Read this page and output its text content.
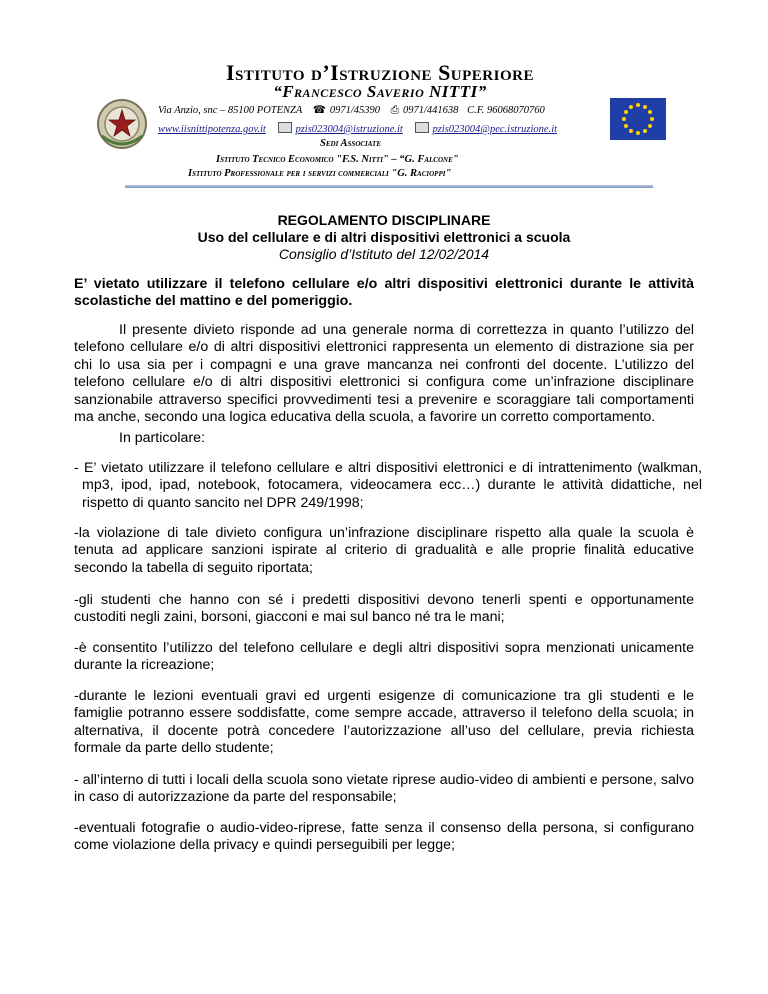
Istituto d’Istruzione Superiore
“Francesco Saverio NITTI”
Via Anzio, snc – 85100 POTENZA ☎ 0971/45390 ⎙ 0971/441638 C.F. 96068070760
www.iisnittipotenza.gov.it	pzis023004@istruzione.it	pzis023004@pec.istruzione.it
Sedi Associate
Istituto Tecnico Economico "F.S. Nitti" – “G. Falcone"
Istituto Professionale per i servizi commerciali "G. Racioppi"
REGOLAMENTO DISCIPLINARE
Uso del cellulare e di altri dispositivi elettronici a scuola
Consiglio d’Istituto del 12/02/2014
E’ vietato utilizzare il telefono cellulare e/o altri dispositivi elettronici durante le attività scolastiche del mattino e del pomeriggio.
Il presente divieto risponde ad una generale norma di correttezza in quanto l’utilizzo del telefono cellulare e/o di altri dispositivi elettronici rappresenta un elemento di distrazione sia per chi lo usa sia per i compagni e una grave mancanza nei confronti del docente. L’utilizzo del telefono cellulare e/o di altri dispositivi elettronici si configura come un’infrazione disciplinare sanzionabile attraverso specifici provvedimenti tesi a prevenire e scoraggiare tali comportamenti ma anche, secondo una logica educativa della scuola, a favorire un corretto comportamento.
In particolare:
- E’ vietato utilizzare il telefono cellulare e altri dispositivi elettronici e di intrattenimento (walkman, mp3, ipod, ipad, notebook, fotocamera, videocamera ecc…) durante le attività didattiche, nel rispetto di quanto sancito nel DPR 249/1998;
-la violazione di tale divieto configura un’infrazione disciplinare rispetto alla quale la scuola è tenuta ad applicare sanzioni ispirate al criterio di gradualità e alle proprie finalità educative secondo la tabella di seguito riportata;
-gli studenti che hanno con sé i predetti dispositivi devono tenerli spenti e opportunamente custoditi negli zaini, borsoni, giacconi e mai sul banco né tra le mani;
-è consentito l’utilizzo del telefono cellulare e degli altri dispositivi sopra menzionati unicamente durante la ricreazione;
-durante le lezioni eventuali gravi ed urgenti esigenze di comunicazione tra gli studenti e le famiglie potranno essere soddisfatte, come sempre accade, attraverso il telefono della scuola; in alternativa, il docente potrà concedere l’autorizzazione all’uso del cellulare, previa richiesta formale da parte dello studente;
- all’interno di tutti i locali della scuola sono vietate riprese audio-video di ambienti e persone, salvo in caso di autorizzazione da parte del responsabile;
-eventuali fotografie o audio-video-riprese, fatte senza il consenso della persona, si configurano come violazione della privacy e quindi perseguibili per legge;
